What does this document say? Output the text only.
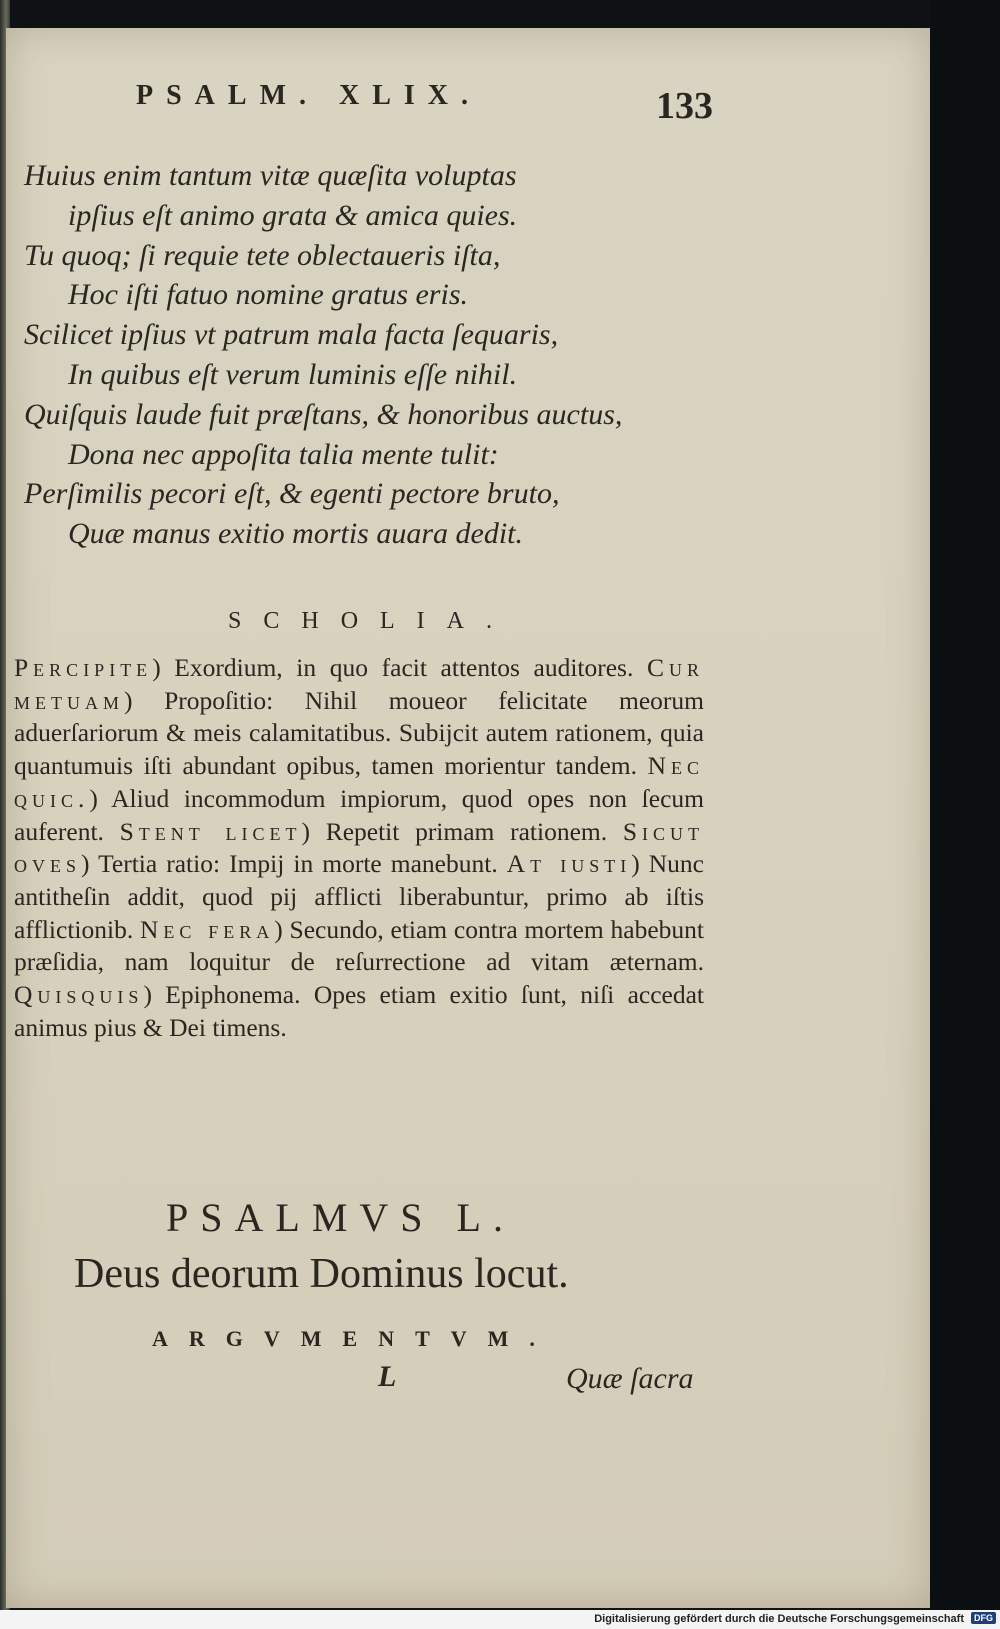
PSALM. XLIX.	133
Huius enim tantum vitæ quæſita voluptas
ipſius eſt animo grata & amica quies.
Tu quoq; ſi requie tete oblectaueris iſta,
Hoc iſti fatuo nomine gratus eris.
Scilicet ipſius vt patrum mala facta ſequaris,
In quibus eſt verum luminis eſſe nihil.
Quiſquis laude fuit præſtans, & honoribus auctus,
Dona nec appoſita talia mente tulit:
Perſimilis pecori eſt, & egenti pectore bruto,
Quæ manus exitio mortis auara dedit.
SCHOLIA.
Percipite) Exordium, in quo facit attentos auditores. Cur metuam) Propoſitio: Nihil moueor felicitate meorum aduerſariorum & meis calamitatibus. Subijcit autem rationem, quia quantumuis iſti abundant opibus, tamen morientur tandem. Nec quic.) Aliud incommodum impiorum, quod opes non ſecum auferent. Stent licet) Repetit primam rationem. Sicut oves) Tertia ratio: Impij in morte manebunt. At iusti) Nunc antitheſin addit, quod pij afflicti liberabuntur, primo ab iſtis afflictionib. Nec fera) Secundo, etiam contra mortem habebunt præſidia, nam loquitur de reſurrectione ad vitam æternam. Quisquis) Epiphonema. Opes etiam exitio ſunt, niſi accedat animus pius & Dei timens.
PSALMVS L.
Deus deorum Dominus locut.
ARGVMENTVM.
L	Quæ ſacra
Digitalisierung gefördert durch die Deutsche Forschungsgemeinschaft	DFG
